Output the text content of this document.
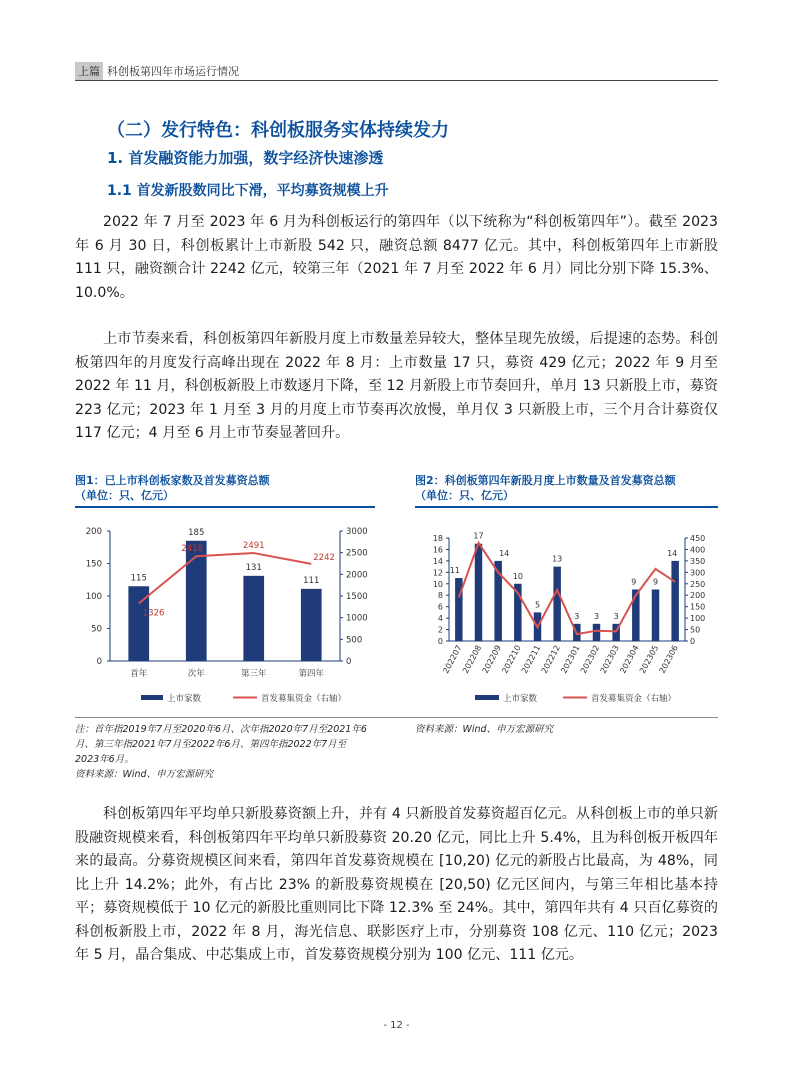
上篇 科创板第四年市场运行情况
（二）发行特色：科创板服务实体持续发力
1. 首发融资能力加强，数字经济快速渗透
1.1 首发新股数同比下滑，平均募资规模上升
2022 年 7 月至 2023 年 6 月为科创板运行的第四年（以下统称为“科创板第四年”）。截至 2023 年 6 月 30 日，科创板累计上市新股 542 只，融资总额 8477 亿元。其中，科创板第四年上市新股 111 只，融资额合计 2242 亿元，较第三年（2021 年 7 月至 2022 年 6 月）同比分别下降 15.3%、10.0%。
上市节奏来看，科创板第四年新股月度上市数量差异较大，整体呈现先放缓，后提速的态势。科创板第四年的月度发行高峰出现在 2022 年 8 月：上市数量 17 只，募资 429 亿元；2022 年 9 月至 2022 年 11 月，科创板新股上市数逐月下降，至 12 月新股上市节奏回升，单月 13 只新股上市，募资 223 亿元；2023 年 1 月至 3 月的月度上市节奏再次放慢，单月仅 3 只新股上市，三个月合计募资仅 117 亿元；4 月至 6 月上市节奏显著回升。
图1：已上市科创板家数及首发募资总额
（单位：只、亿元）
图2：科创板第四年新股月度上市数量及首发募资总额
（单位：只、亿元）
115
185
131
111
1326
2418	2491
2242
0
50
100
150
200
0
500
1000
1500
2000
2500
3000
首年	次年	第三年	第四年
上市家数	首发募集资金（右轴）
11
17
14
10
5
13
3 3 3
9 9
14
0
2
4
6
8
10
12
14
16
18
0
50
100
150
200
250
300
350
400
450
202207
202208
202209
202210
202211
202212
202301
202302
202303
202304
202305
202306
上市家数	首发募集资金（右轴）
注：首年指2019年7月至2020年6月、次年指2020年7月至2021年6
月、第三年指2021年7月至2022年6月、第四年指2022年7月至
2023年6月。
资料来源：Wind、申万宏源研究
资料来源：Wind、申万宏源研究
科创板第四年平均单只新股募资额上升，并有 4 只新股首发募资超百亿元。从科创板上市的单只新股融资规模来看，科创板第四年平均单只新股募资 20.20 亿元，同比上升 5.4%，且为科创板开板四年来的最高。分募资规模区间来看，第四年首发募资规模在 [10,20) 亿元的新股占比最高，为 48%，同比上升 14.2%；此外，有占比 23% 的新股募资规模在 [20,50) 亿元区间内，与第三年相比基本持平；募资规模低于 10 亿元的新股比重则同比下降 12.3% 至 24%。其中，第四年共有 4 只百亿募资的科创板新股上市，2022 年 8 月，海光信息、联影医疗上市，分别募资 108 亿元、110 亿元；2023 年 5 月，晶合集成、中芯集成上市，首发募资规模分别为 100 亿元、111 亿元。
- 12 -
